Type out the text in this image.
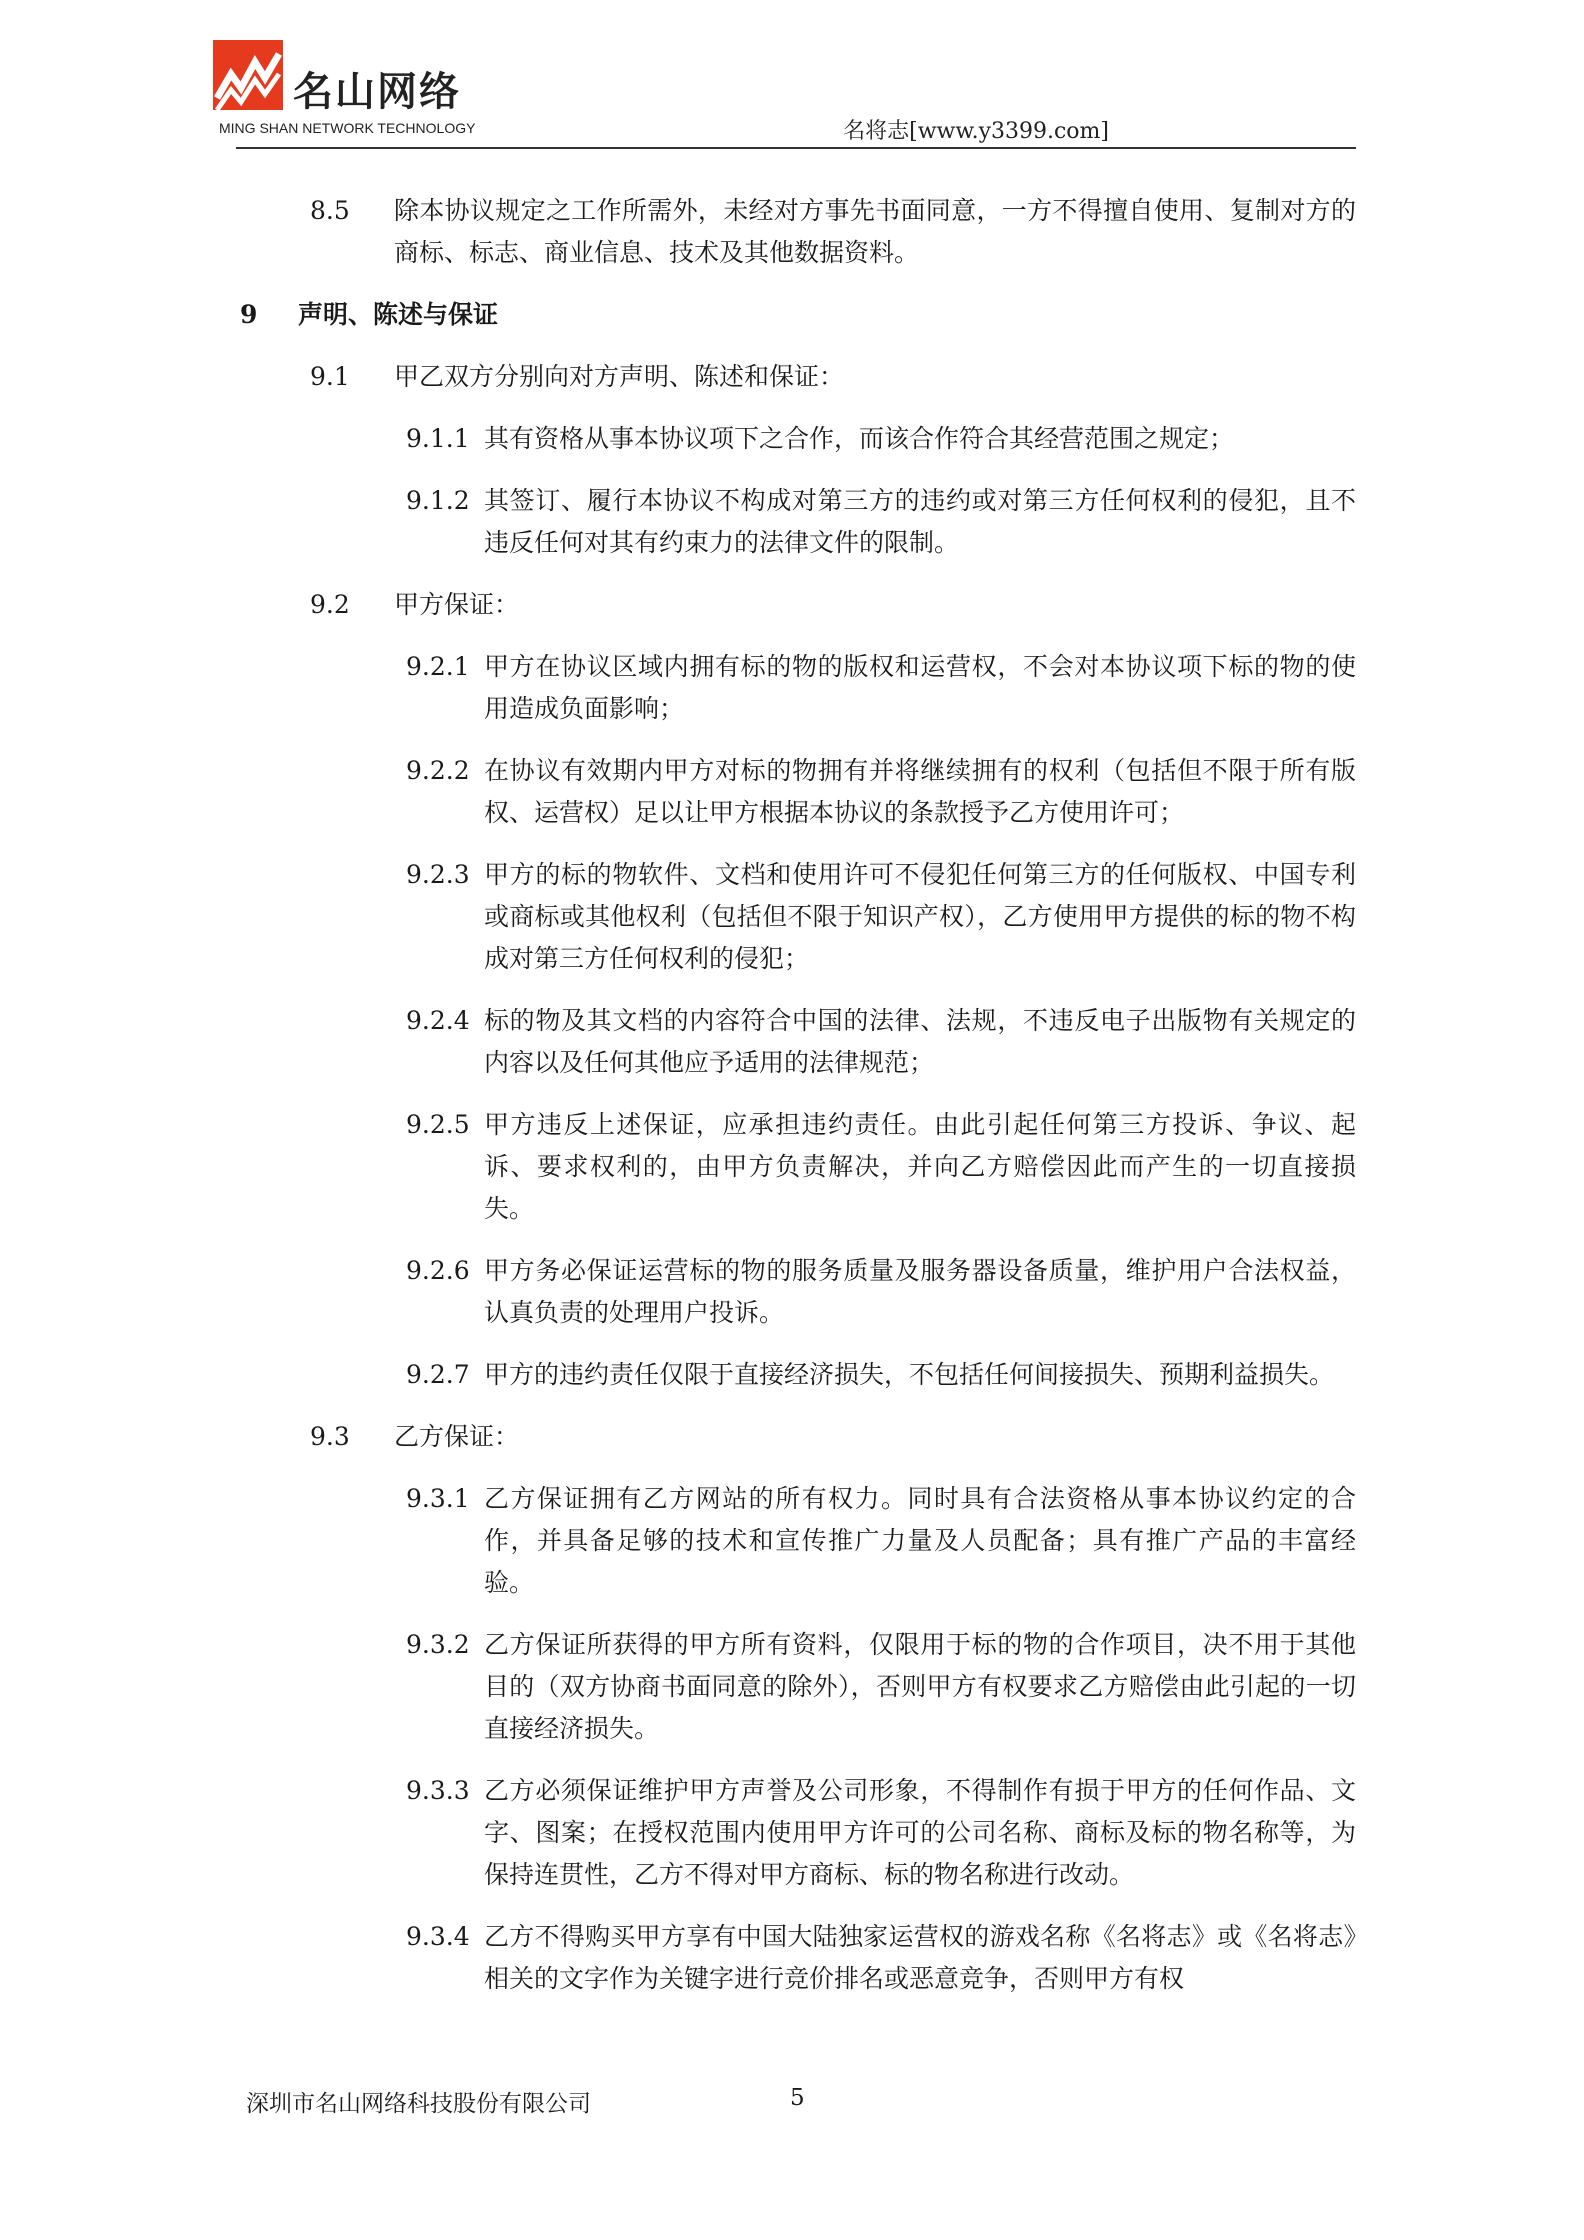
名山网络
MING SHAN NETWORK TECHNOLOGY	名将志[www.y3399.com]
8.5 除本协议规定之工作所需外，未经对方事先书面同意，一方不得擅自使用、复制对方的商标、标志、商业信息、技术及其他数据资料。
9 声明、陈述与保证
9.1 甲乙双方分别向对方声明、陈述和保证：
9.1.1 其有资格从事本协议项下之合作，而该合作符合其经营范围之规定；
9.1.2 其签订、履行本协议不构成对第三方的违约或对第三方任何权利的侵犯，且不违反任何对其有约束力的法律文件的限制。
9.2 甲方保证：
9.2.1 甲方在协议区域内拥有标的物的版权和运营权，不会对本协议项下标的物的使用造成负面影响；
9.2.2 在协议有效期内甲方对标的物拥有并将继续拥有的权利（包括但不限于所有版权、运营权）足以让甲方根据本协议的条款授予乙方使用许可；
9.2.3 甲方的标的物软件、文档和使用许可不侵犯任何第三方的任何版权、中国专利或商标或其他权利（包括但不限于知识产权），乙方使用甲方提供的标的物不构成对第三方任何权利的侵犯；
9.2.4 标的物及其文档的内容符合中国的法律、法规，不违反电子出版物有关规定的内容以及任何其他应予适用的法律规范；
9.2.5 甲方违反上述保证，应承担违约责任。由此引起任何第三方投诉、争议、起诉、要求权利的，由甲方负责解决，并向乙方赔偿因此而产生的一切直接损失。
9.2.6 甲方务必保证运营标的物的服务质量及服务器设备质量，维护用户合法权益，认真负责的处理用户投诉。
9.2.7 甲方的违约责任仅限于直接经济损失，不包括任何间接损失、预期利益损失。
9.3 乙方保证：
9.3.1 乙方保证拥有乙方网站的所有权力。同时具有合法资格从事本协议约定的合作，并具备足够的技术和宣传推广力量及人员配备；具有推广产品的丰富经验。
9.3.2 乙方保证所获得的甲方所有资料，仅限用于标的物的合作项目，决不用于其他目的（双方协商书面同意的除外），否则甲方有权要求乙方赔偿由此引起的一切直接经济损失。
9.3.3 乙方必须保证维护甲方声誉及公司形象，不得制作有损于甲方的任何作品、文字、图案；在授权范围内使用甲方许可的公司名称、商标及标的物名称等，为保持连贯性，乙方不得对甲方商标、标的物名称进行改动。
9.3.4 乙方不得购买甲方享有中国大陆独家运营权的游戏名称《名将志》或《名将志》相关的文字作为关键字进行竞价排名或恶意竞争，否则甲方有权
深圳市名山网络科技股份有限公司	5
